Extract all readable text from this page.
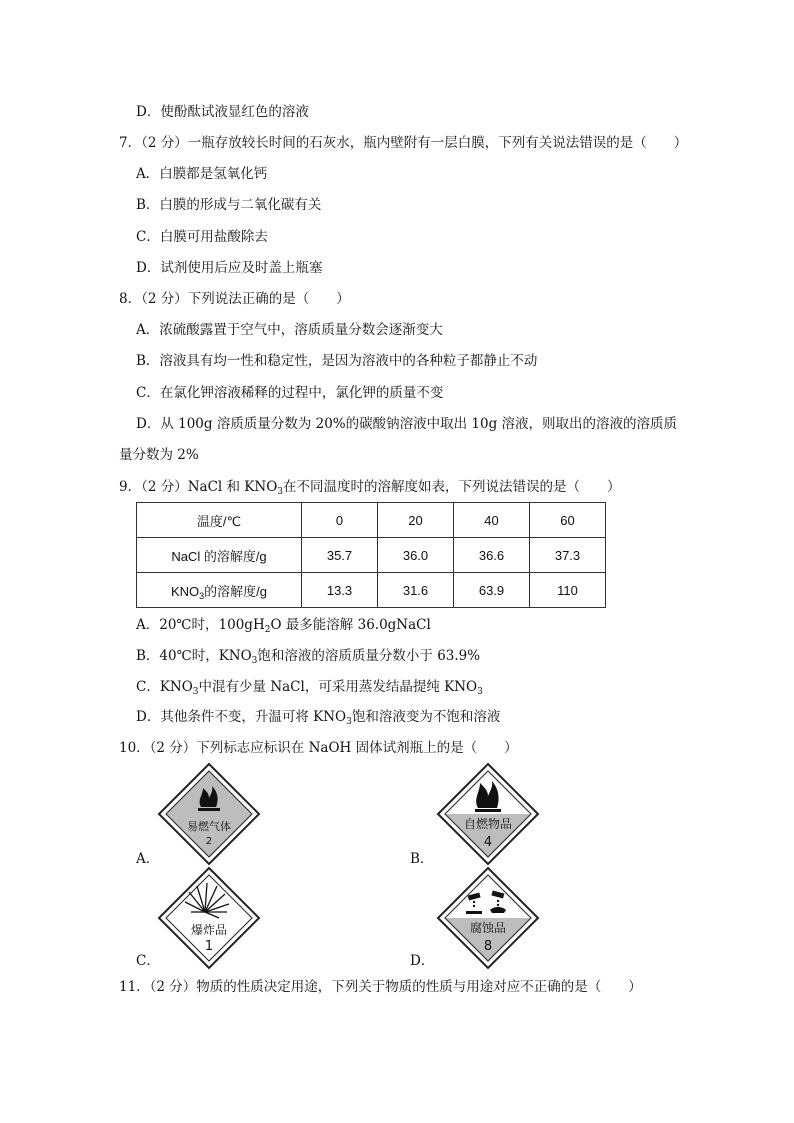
D．使酚酞试液显红色的溶液
7．（2 分）一瓶存放较长时间的石灰水，瓶内壁附有一层白膜，下列有关说法错误的是（　　）
A．白膜都是氢氧化钙
B．白膜的形成与二氧化碳有关
C．白膜可用盐酸除去
D．试剂使用后应及时盖上瓶塞
8．（2 分）下列说法正确的是（　　）
A．浓硫酸露置于空气中，溶质质量分数会逐渐变大
B．溶液具有均一性和稳定性，是因为溶液中的各种粒子都静止不动
C．在氯化钾溶液稀释的过程中，氯化钾的质量不变
D．从 100g 溶质质量分数为 20%的碳酸钠溶液中取出 10g 溶液，则取出的溶液的溶质质
量分数为 2%
9．（2 分）NaCl 和 $KNO_3$在不同温度时的溶解度如表，下列说法错误的是（　　）
温度/℃	0	20	40	60
NaCl 的溶解度/g	35.7	36.0	36.6	37.3
$KNO_3$的溶解度/g	13.3	31.6	63.9	110
A．20℃时，$100gH_2O$ 最多能溶解 36.0gNaCl
B．40℃时，$KNO_3$饱和溶液的溶质质量分数小于 63.9%
C．$KNO_3$中混有少量 NaCl，可采用蒸发结晶提纯 $KNO_3$
D．其他条件不变，升温可将 $KNO_3$饱和溶液变为不饱和溶液
10．（2 分）下列标志应标识在 NaOH 固体试剂瓶上的是（　　）
A．
易燃气体
2
B．
自燃物品
4
C．
爆炸品
1
D．
腐蚀品
8
11．（2 分）物质的性质决定用途，下列关于物质的性质与用途对应不正确的是（　　）
